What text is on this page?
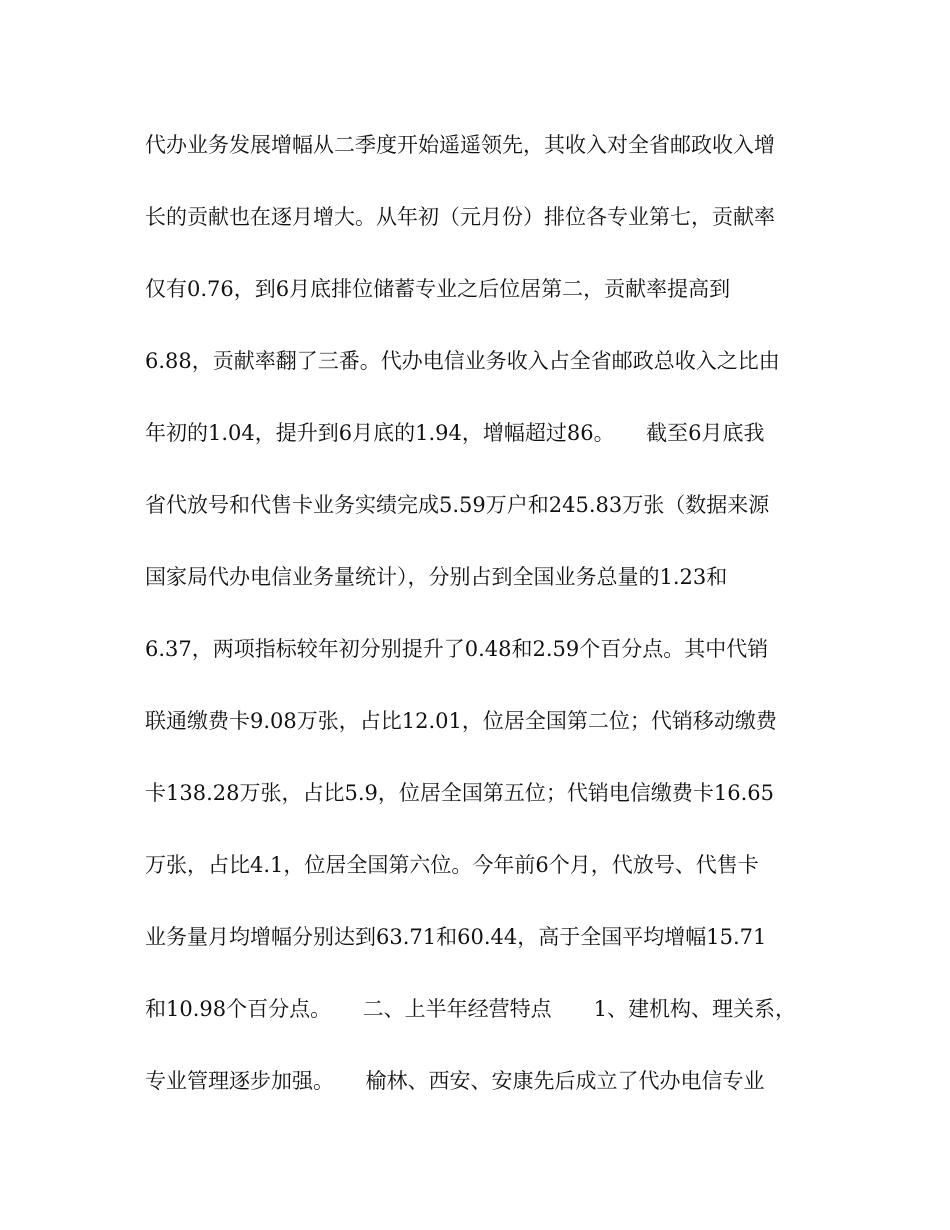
代办业务发展增幅从二季度开始遥遥领先，其收入对全省邮政收入增
长的贡献也在逐月增大。从年初（元月份）排位各专业第七，贡献率
仅有0.76，到6月底排位储蓄专业之后位居第二，贡献率提高到
6.88，贡献率翻了三番。代办电信业务收入占全省邮政总收入之比由
年初的1.04，提升到6月底的1.94，增幅超过86。　　截至6月底我
省代放号和代售卡业务实绩完成5.59万户和245.83万张（数据来源
国家局代办电信业务量统计），分别占到全国业务总量的1.23和
6.37，两项指标较年初分别提升了0.48和2.59个百分点。其中代销
联通缴费卡9.08万张，占比12.01，位居全国第二位；代销移动缴费
卡138.28万张，占比5.9，位居全国第五位；代销电信缴费卡16.65
万张，占比4.1，位居全国第六位。今年前6个月，代放号、代售卡
业务量月均增幅分别达到63.71和60.44，高于全国平均增幅15.71
和10.98个百分点。　　二、上半年经营特点　　1、建机构、理关系，
专业管理逐步加强。　　榆林、西安、安康先后成立了代办电信专业
